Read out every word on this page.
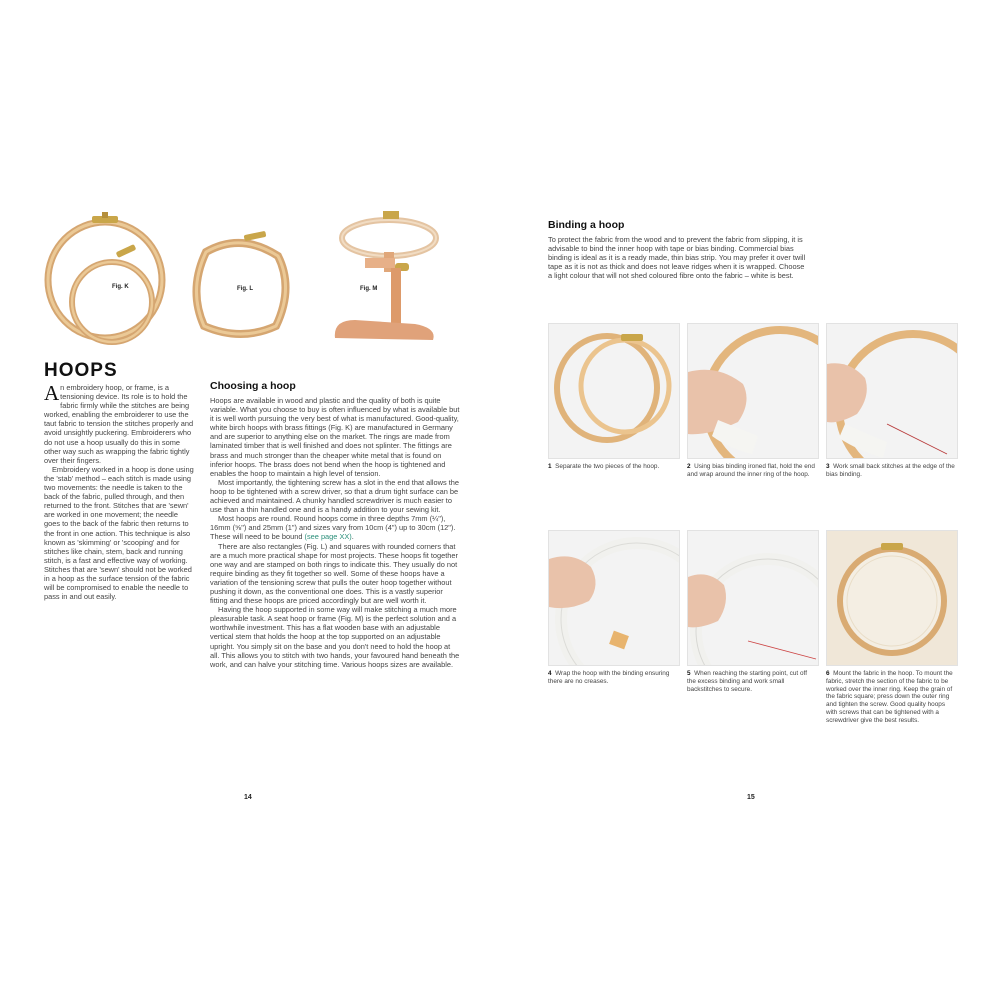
Fig. K	Fig. L	Fig. M
HOOPS

An embroidery hoop, or frame, is a tensioning device. Its role is to hold the fabric firmly while the stitches are being worked, enabling the embroiderer to use the taut fabric to tension the stitches properly and avoid unsightly puckering. Embroiderers who do not use a hoop usually do this in some other way such as wrapping the fabric tightly over their fingers.

Embroidery worked in a hoop is done using the 'stab' method – each stitch is made using two movements: the needle is taken to the back of the fabric, pulled through, and then returned to the front. Stitches that are 'sewn' are worked in one movement; the needle goes to the back of the fabric then returns to the front in one action. This technique is also known as 'skimming' or 'scooping' and for stitches like chain, stem, back and running stitch, is a fast and effective way of working. Stitches that are 'sewn' should not be worked in a hoop as the surface tension of the fabric will be compromised to enable the needle to pass in and out easily.

Choosing a hoop

Hoops are available in wood and plastic and the quality of both is quite variable. What you choose to buy is often influenced by what is available but it is well worth pursuing the very best of what is manufactured. Good-quality, white birch hoops with brass fittings (Fig. K) are manufactured in Germany and are superior to anything else on the market. The rings are made from laminated timber that is well finished and does not splinter. The fittings are brass and much stronger than the cheaper white metal that is found on inferior hoops. The brass does not bend when the hoop is tightened and enables the hoop to maintain a high level of tension.

Most importantly, the tightening screw has a slot in the end that allows the hoop to be tightened with a screw driver, so that a drum tight surface can be achieved and maintained. A chunky handled screwdriver is much easier to use than a thin handled one and is a handy addition to your sewing kit.

Most hoops are round. Round hoops come in three depths 7mm (¼"), 16mm (⅝") and 25mm (1") and sizes vary from 10cm (4") up to 30cm (12"). These will need to be bound (see page XX).

There are also rectangles (Fig. L) and squares with rounded corners that are a much more practical shape for most projects. These hoops fit together one way and are stamped on both rings to indicate this. They usually do not require binding as they fit together so well. Some of these hoops have a variation of the tensioning screw that pulls the outer hoop together without pushing it down, as the conventional one does. This is a vastly superior fitting and these hoops are priced accordingly but are well worth it.

Having the hoop supported in some way will make stitching a much more pleasurable task. A seat hoop or frame (Fig. M) is the perfect solution and a worthwhile investment. This has a flat wooden base with an adjustable vertical stem that holds the hoop at the top supported on an adjustable upright. You simply sit on the base and you don't need to hold the hoop at all. This allows you to stitch with two hands, your favoured hand beneath the work, and can halve your stitching time. Various hoops sizes are available.

14
Binding a hoop
To protect the fabric from the wood and to prevent the fabric from slipping, it is advisable to bind the inner hoop with tape or bias binding. Commercial bias binding is ideal as it is a ready made, thin bias strip. You may prefer it over twill tape as it is not as thick and does not leave ridges when it is wrapped. Choose a light colour that will not shed coloured fibre onto the fabric – white is best.
1 Separate the two pieces of the hoop.	2 Using bias binding ironed flat, hold the end and wrap around the inner ring of the hoop.
3 Work small back stitches at the edge of the bias binding.
4 Wrap the hoop with the binding ensuring there are no creases.
5 When reaching the starting point, cut off the excess binding and work small backstitches to secure.
6 Mount the fabric in the hoop. To mount the fabric, stretch the section of the fabric to be worked over the inner ring. Keep the grain of the fabric square; press down the outer ring and tighten the screw. Good quality hoops with screws that can be tightened with a screwdriver give the best results.
15
